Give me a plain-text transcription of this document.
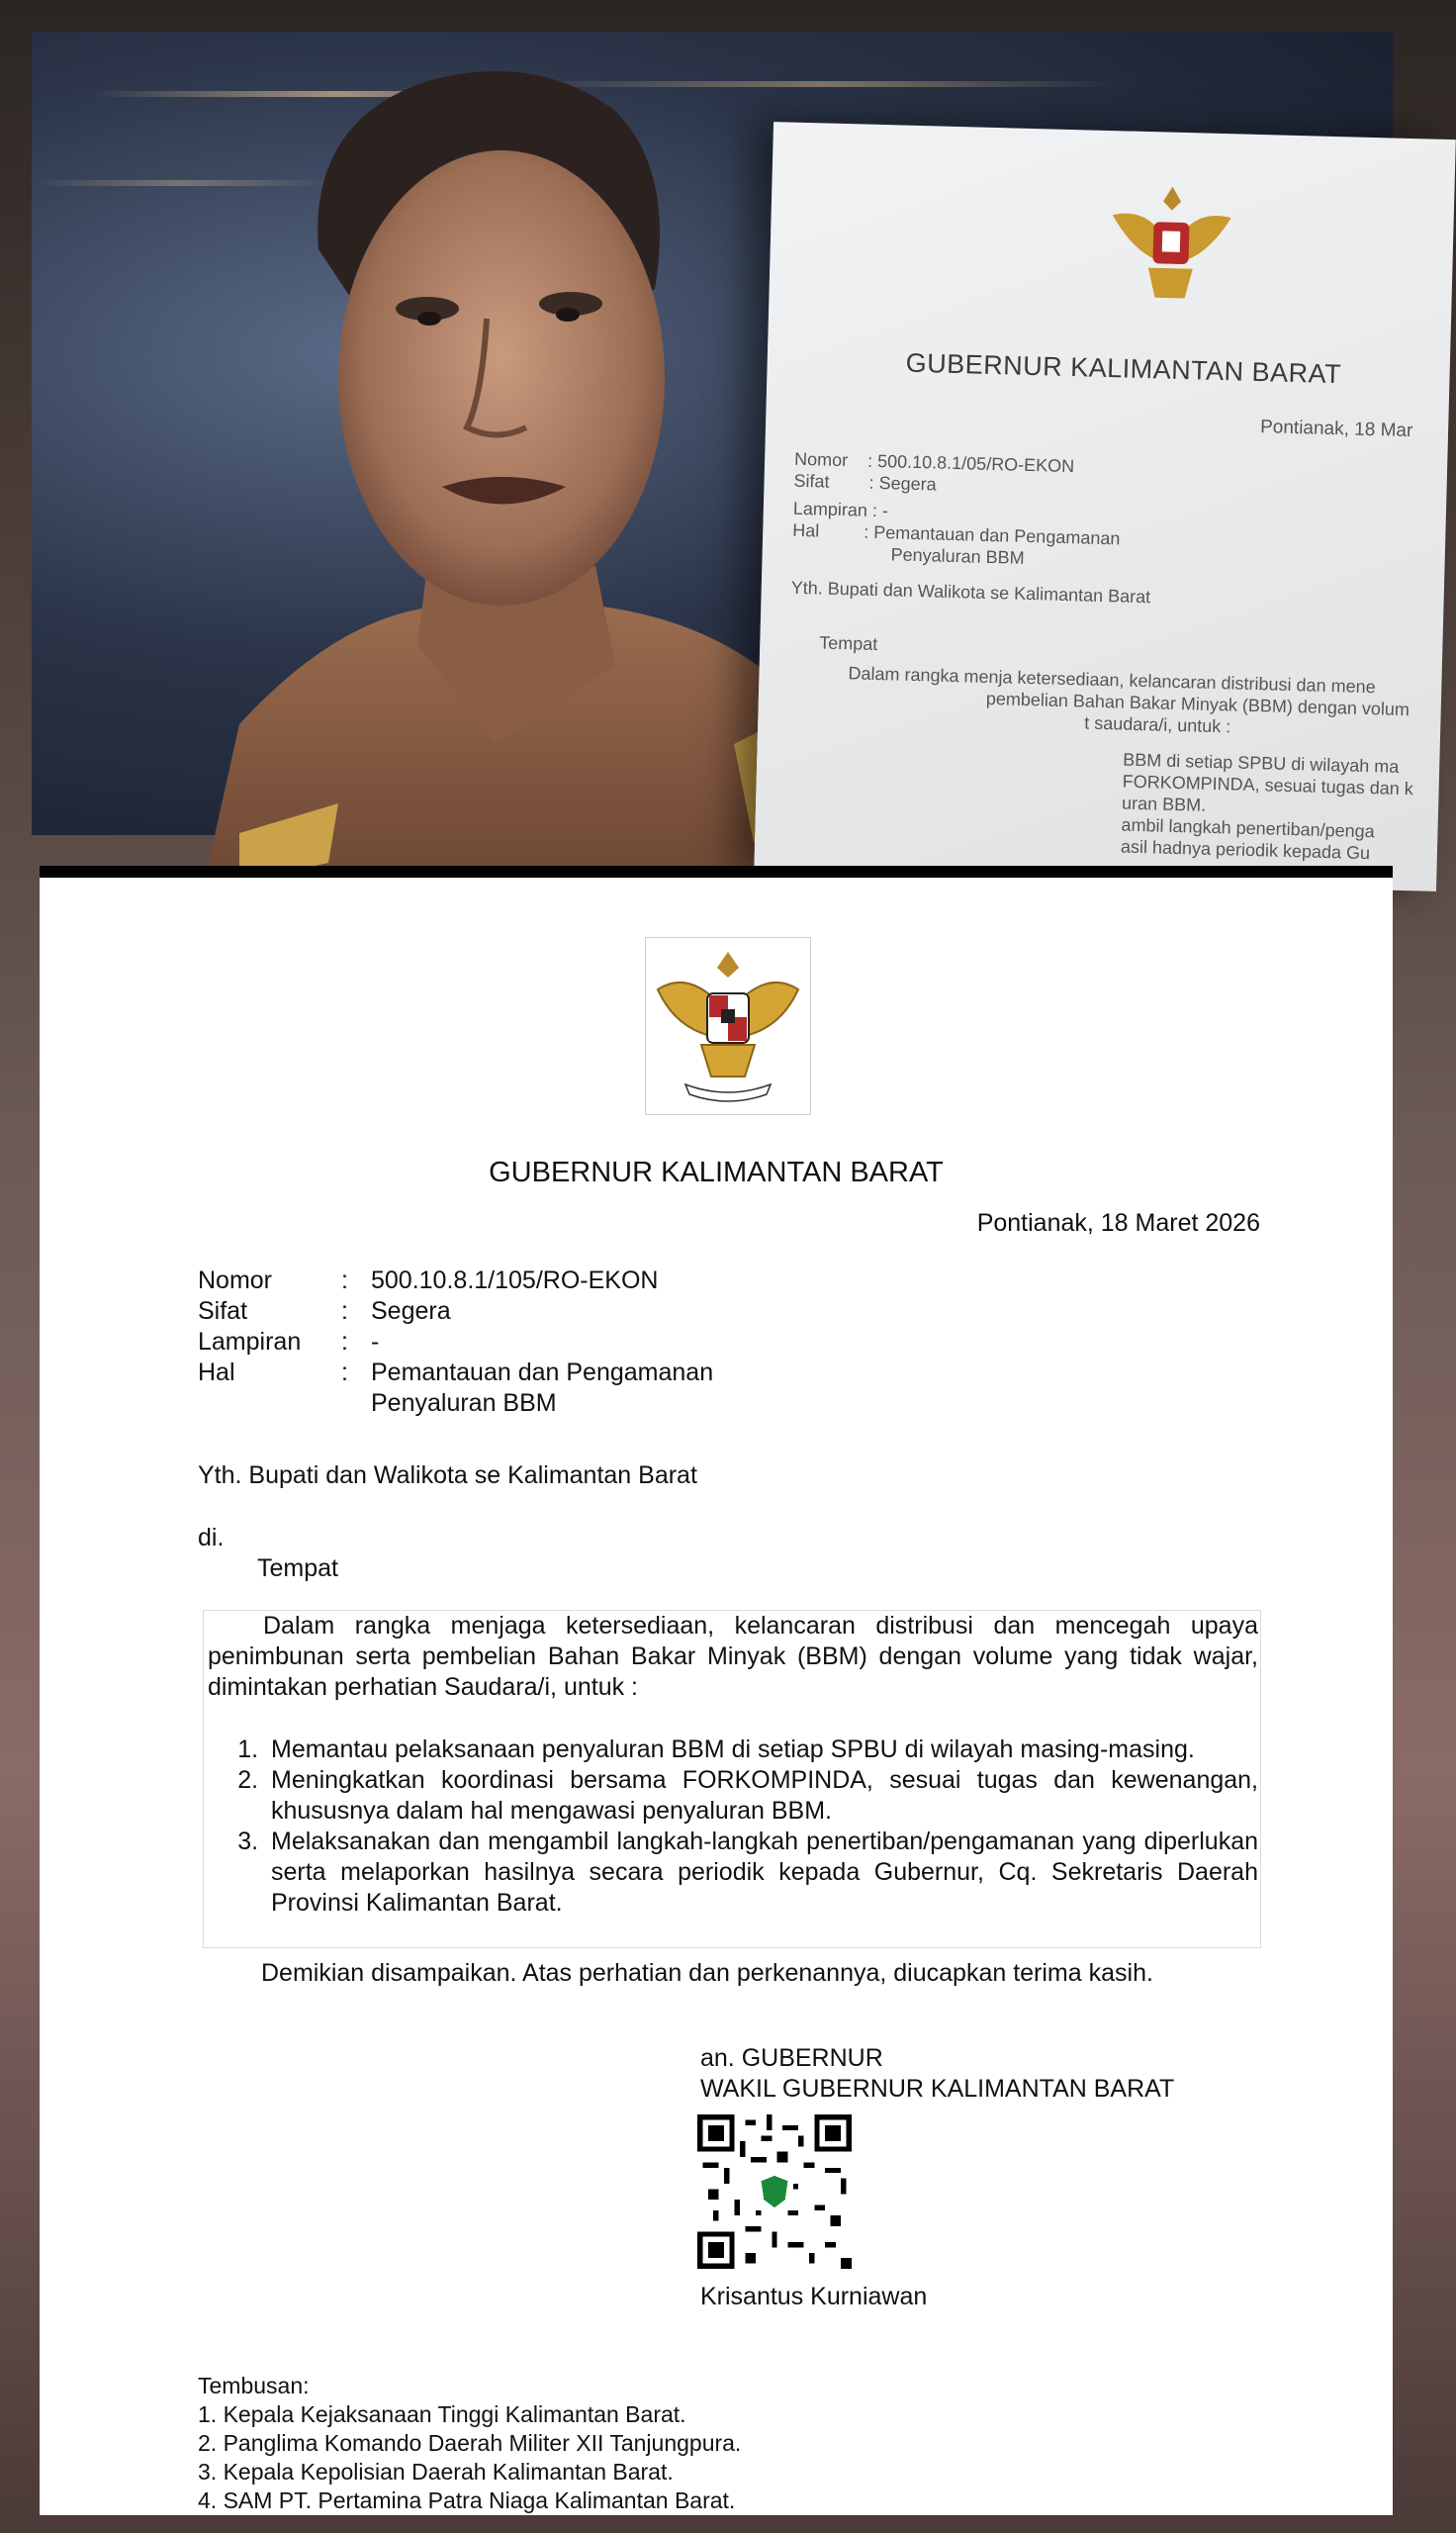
GUBERNUR KALIMANTAN BARAT
Pontianak, 18 Mar
Nomor    : 500.10.8.1/05/RO-EKON
Sifat        : Segera
Lampiran : -
Hal         : Pemantauan dan Pengamanan
Penyaluran BBM
Yth. Bupati dan Walikota se Kalimantan Barat
Tempat
Dalam rangka menja ketersediaan, kelancaran distribusi dan mene
pembelian Bahan Bakar Minyak (BBM) dengan volum
t saudara/i, untuk :
BBM di setiap SPBU di wilayah ma
FORKOMPINDA, sesuai tugas dan k
uran BBM.
ambil langkah penertiban/penga
asil hadnya periodik kepada Gu
GUBERNUR KALIMANTAN BARAT
Pontianak, 18 Maret 2026
Nomor	: 500.10.8.1/105/RO-EKON
Sifat	: Segera
Lampiran	: -
Hal	: Pemantauan dan Pengamanan
Penyaluran BBM
Yth. Bupati dan Walikota se Kalimantan Barat
di.
Tempat

Dalam rangka menjaga ketersediaan, kelancaran distribusi dan mencegah upaya penimbunan serta pembelian Bahan Bakar Minyak (BBM) dengan volume yang tidak wajar, dimintakan perhatian Saudara/i, untuk :

1. Memantau pelaksanaan penyaluran BBM di setiap SPBU di wilayah masing-masing.
2. Meningkatkan koordinasi bersama FORKOMPINDA, sesuai tugas dan kewenangan, khususnya dalam hal mengawasi penyaluran BBM.
3. Melaksanakan dan mengambil langkah-langkah penertiban/pengamanan yang diperlukan serta melaporkan hasilnya secara periodik kepada Gubernur, Cq. Sekretaris Daerah Provinsi Kalimantan Barat.
Demikian disampaikan. Atas perhatian dan perkenannya, diucapkan terima kasih.
an. GUBERNUR
WAKIL GUBERNUR KALIMANTAN BARAT
Krisantus Kurniawan
Tembusan:
1. Kepala Kejaksanaan Tinggi Kalimantan Barat.
2. Panglima Komando Daerah Militer XII Tanjungpura.
3. Kepala Kepolisian Daerah Kalimantan Barat.
4. SAM PT. Pertamina Patra Niaga Kalimantan Barat.
